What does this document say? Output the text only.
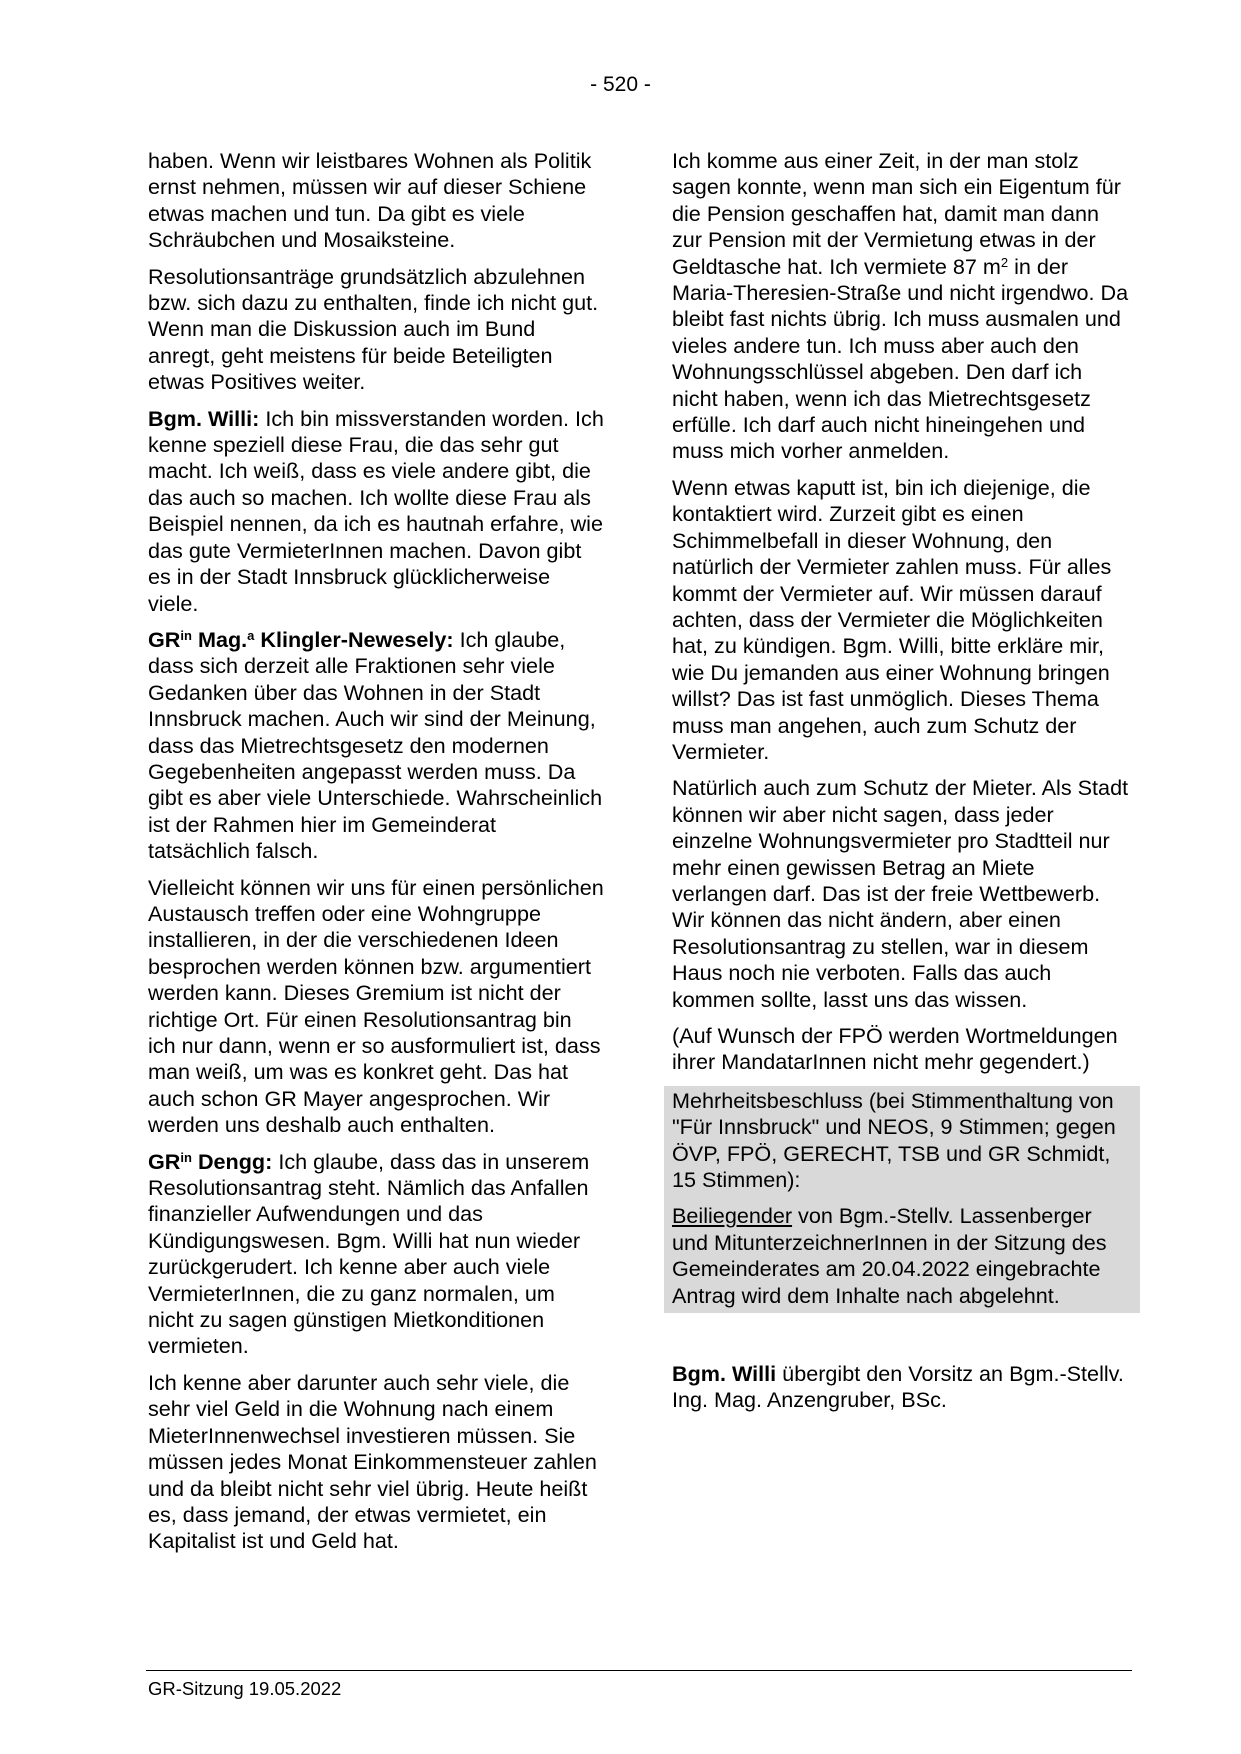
- 520 -

haben. Wenn wir leistbares Wohnen als Politik ernst nehmen, müssen wir auf dieser Schiene etwas machen und tun. Da gibt es viele Schräubchen und Mosaiksteine.

Resolutionsanträge grundsätzlich abzulehnen bzw. sich dazu zu enthalten, finde ich nicht gut. Wenn man die Diskussion auch im Bund anregt, geht meistens für beide Beteiligten etwas Positives weiter.

Bgm. Willi: Ich bin missverstanden worden. Ich kenne speziell diese Frau, die das sehr gut macht. Ich weiß, dass es viele andere gibt, die das auch so machen. Ich wollte diese Frau als Beispiel nennen, da ich es hautnah erfahre, wie das gute VermieterInnen machen. Davon gibt es in der Stadt Innsbruck glücklicherweise viele.

$GR^{in}$ Mag.$^a$ Klingler-Newesely: Ich glaube, dass sich derzeit alle Fraktionen sehr viele Gedanken über das Wohnen in der Stadt Innsbruck machen. Auch wir sind der Meinung, dass das Mietrechtsgesetz den modernen Gegebenheiten angepasst werden muss. Da gibt es aber viele Unterschiede. Wahrscheinlich ist der Rahmen hier im Gemeinderat tatsächlich falsch.

Vielleicht können wir uns für einen persönlichen Austausch treffen oder eine Wohngruppe installieren, in der die verschiedenen Ideen besprochen werden können bzw. argumentiert werden kann. Dieses Gremium ist nicht der richtige Ort. Für einen Resolutionsantrag bin ich nur dann, wenn er so ausformuliert ist, dass man weiß, um was es konkret geht. Das hat auch schon GR Mayer angesprochen. Wir werden uns deshalb auch enthalten.

$GR^{in}$ Dengg: Ich glaube, dass das in unserem Resolutionsantrag steht. Nämlich das Anfallen finanzieller Aufwendungen und das Kündigungswesen. Bgm. Willi hat nun wieder zurückgerudert. Ich kenne aber auch viele VermieterInnen, die zu ganz normalen, um nicht zu sagen günstigen Mietkonditionen vermieten.

Ich kenne aber darunter auch sehr viele, die sehr viel Geld in die Wohnung nach einem MieterInnenwechsel investieren müssen. Sie müssen jedes Monat Einkommensteuer zahlen und da bleibt nicht sehr viel übrig. Heute heißt es, dass jemand, der etwas vermietet, ein Kapitalist ist und Geld hat.

Ich komme aus einer Zeit, in der man stolz sagen konnte, wenn man sich ein Eigentum für die Pension geschaffen hat, damit man dann zur Pension mit der Vermietung etwas in der Geldtasche hat. Ich vermiete 87 $m^2$ in der Maria-Theresien-Straße und nicht irgendwo. Da bleibt fast nichts übrig. Ich muss ausmalen und vieles andere tun. Ich muss aber auch den Wohnungsschlüssel abgeben. Den darf ich nicht haben, wenn ich das Mietrechtsgesetz erfülle. Ich darf auch nicht hineingehen und muss mich vorher anmelden.

Wenn etwas kaputt ist, bin ich diejenige, die kontaktiert wird. Zurzeit gibt es einen Schimmelbefall in dieser Wohnung, den natürlich der Vermieter zahlen muss. Für alles kommt der Vermieter auf. Wir müssen darauf achten, dass der Vermieter die Möglichkeiten hat, zu kündigen. Bgm. Willi, bitte erkläre mir, wie Du jemanden aus einer Wohnung bringen willst? Das ist fast unmöglich. Dieses Thema muss man angehen, auch zum Schutz der Vermieter.

Natürlich auch zum Schutz der Mieter. Als Stadt können wir aber nicht sagen, dass jeder einzelne Wohnungsvermieter pro Stadtteil nur mehr einen gewissen Betrag an Miete verlangen darf. Das ist der freie Wettbewerb. Wir können das nicht ändern, aber einen Resolutionsantrag zu stellen, war in diesem Haus noch nie verboten. Falls das auch kommen sollte, lasst uns das wissen.

(Auf Wunsch der FPÖ werden Wortmeldungen ihrer MandatarInnen nicht mehr gegendert.)

Mehrheitsbeschluss (bei Stimmenthaltung von "Für Innsbruck" und NEOS, 9 Stimmen; gegen ÖVP, FPÖ, GERECHT, TSB und GR Schmidt, 15 Stimmen):

Beiliegender von Bgm.-Stellv. Lassenberger und MitunterzeichnerInnen in der Sitzung des Gemeinderates am 20.04.2022 eingebrachte Antrag wird dem Inhalte nach abgelehnt.

Bgm. Willi übergibt den Vorsitz an Bgm.-Stellv. Ing. Mag. Anzengruber, BSc.

GR-Sitzung 19.05.2022
